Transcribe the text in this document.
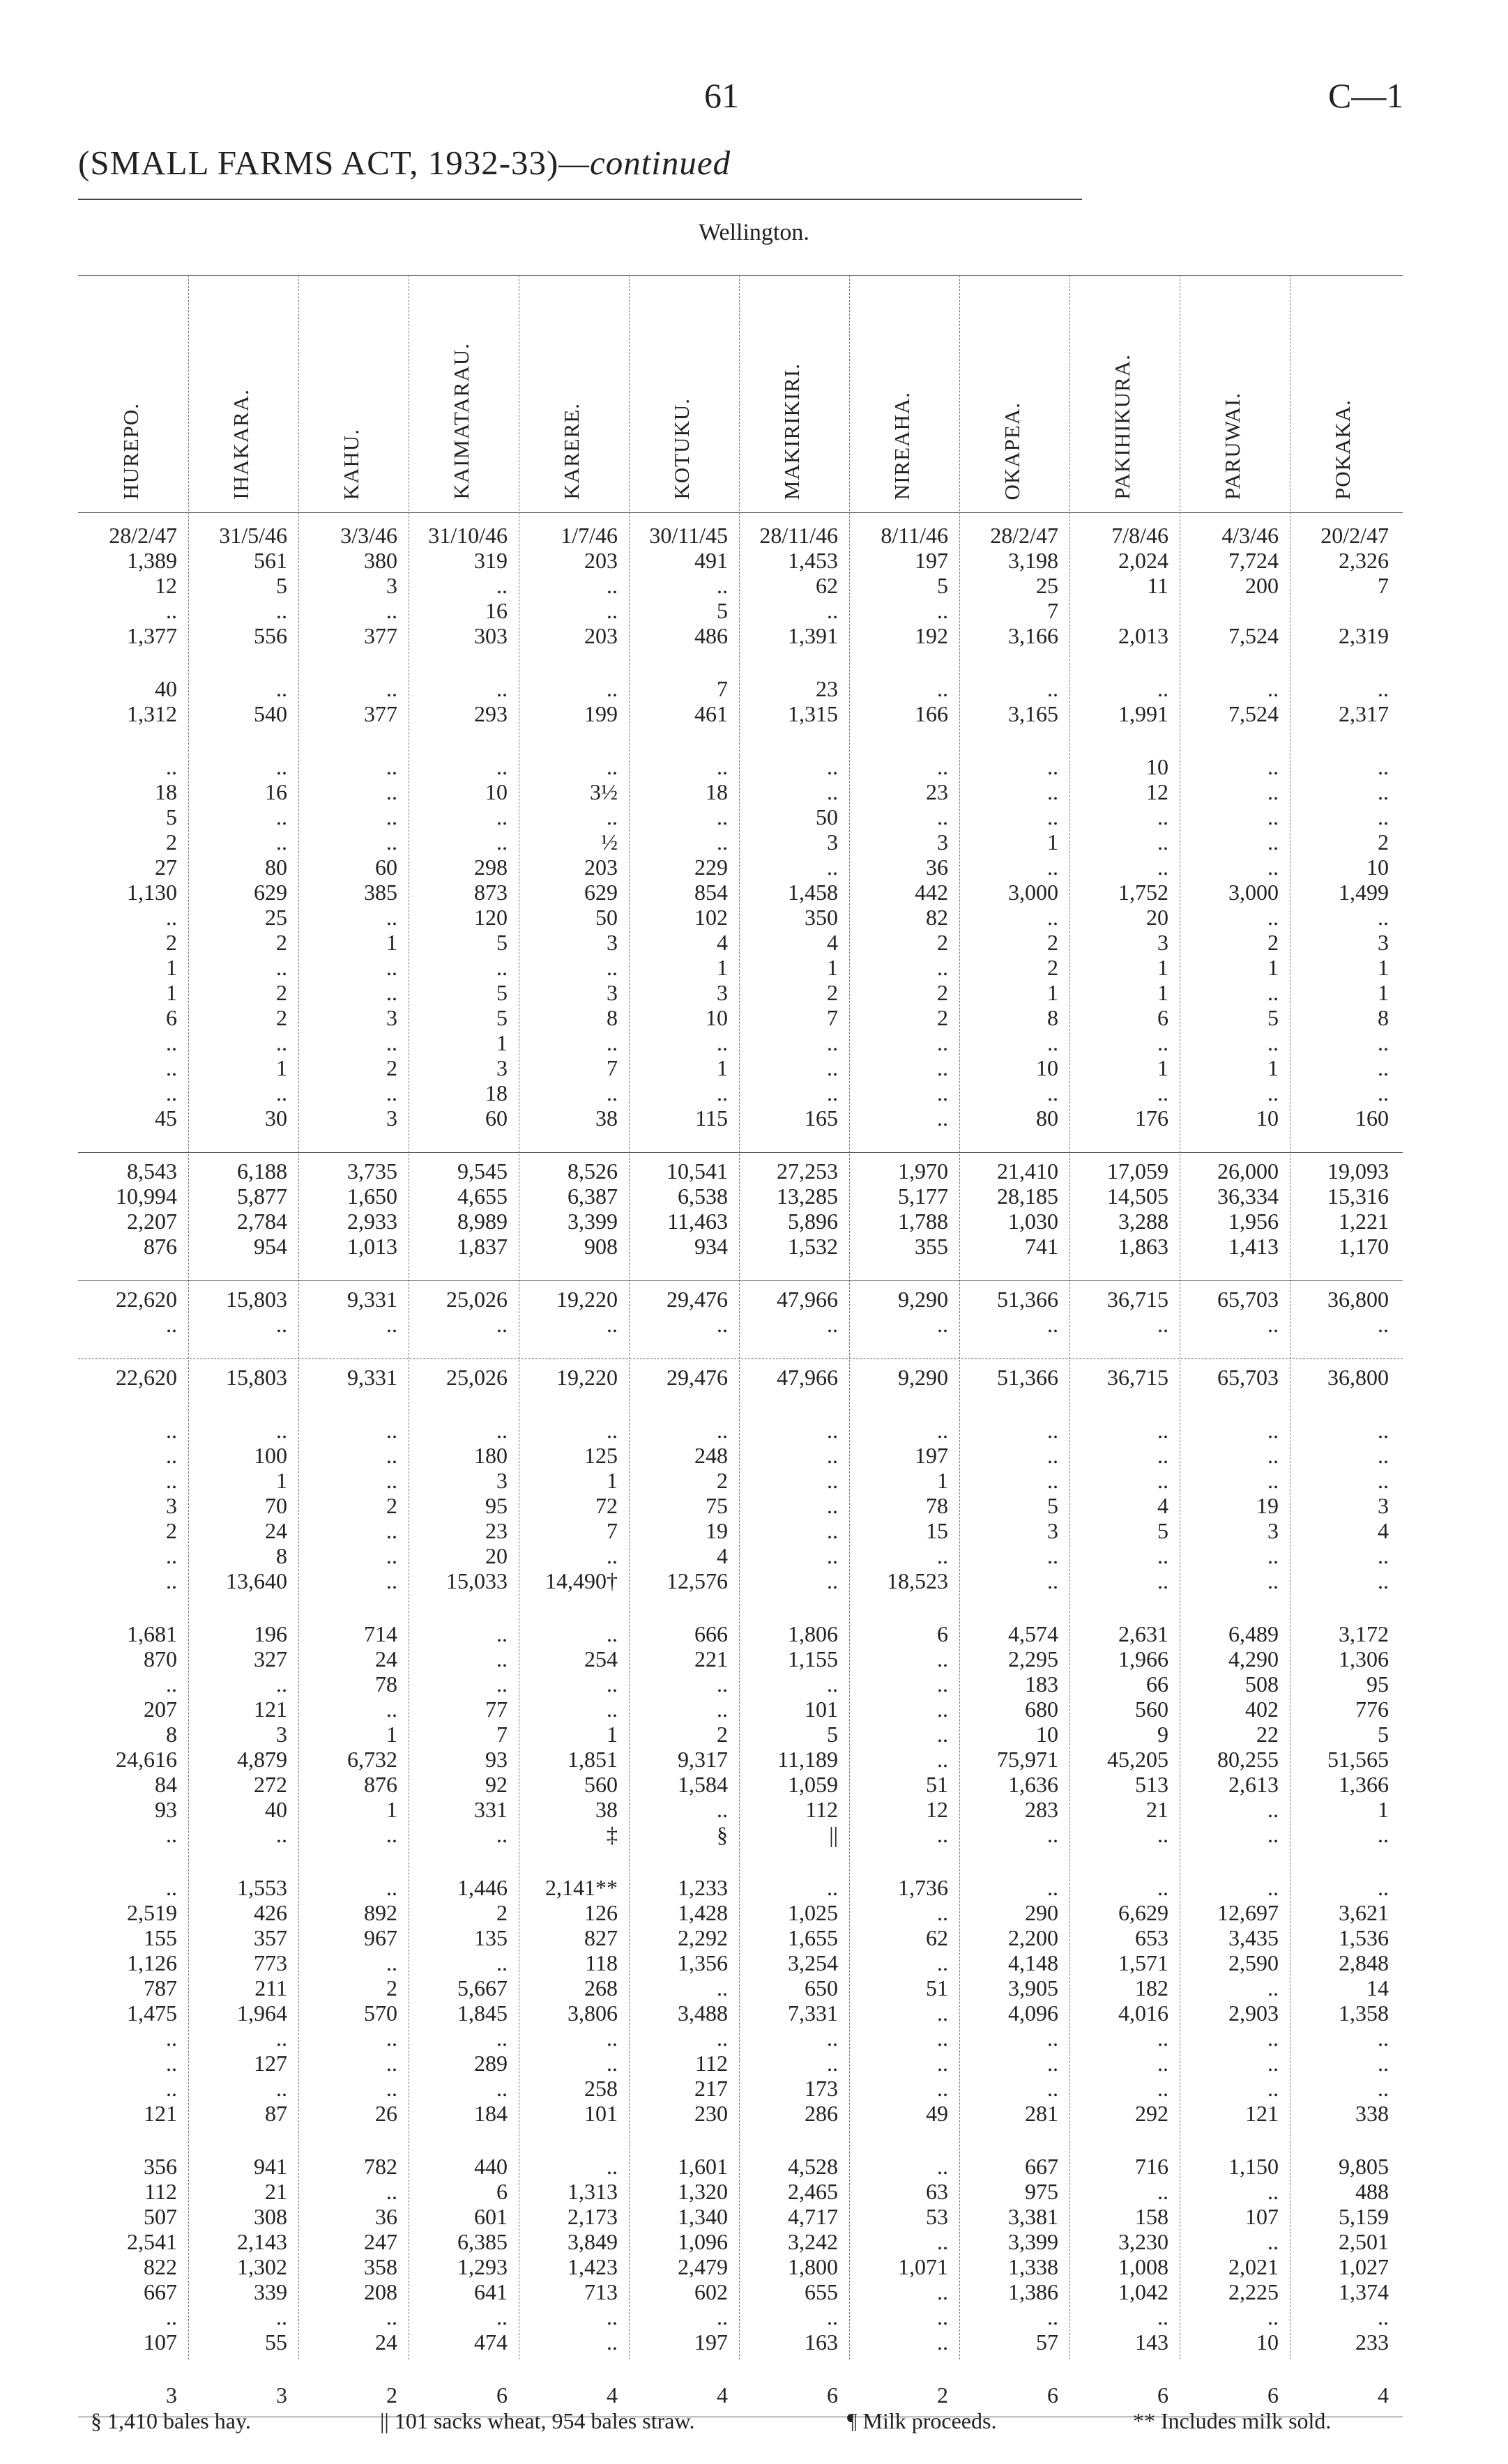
61	C—1
(SMALL FARMS ACT, 1932-33)—continued
Wellington.
HUREPO.	IHAKARA.	KAHU.	KAIMATARAU.	KARERE.	KOTUKU.	MAKIRIKIRI.	NIREAHA.	OKAPEA.	PAKIHIKURA.	PARUWAI.	POKAKA.
28/2/47	31/5/46	3/3/46	31/10/46	1/7/46	30/11/45	28/11/46	8/11/46	28/2/47	7/8/46	4/3/46	20/2/47
1,389	561	380	319	203	491	1,453	197	3,198	2,024	7,724	2,326
12	5	3	..	..	..	62	5	25	11	200	7
..	..	..	16	..	5	..	..	7
1,377	556	377	303	203	486	1,391	192	3,166	2,013	7,524	2,319
40	..	..	..	..	7	23	..	..	..	..	..
1,312	540	377	293	199	461	1,315	166	3,165	1,991	7,524	2,317
..	..	..	..	..	..	..	..	..	10	..	..
18	16	..	10	3½	18	..	23	..	12	..	..
5	..	..	..	..	..	50	..	..	..	..	..
2	..	..	..	½	..	3	3	1	..	..	2
27	80	60	298	203	229	..	36	..	..	..	10
1,130	629	385	873	629	854	1,458	442	3,000	1,752	3,000	1,499
..	25	..	120	50	102	350	82	..	20	..	..
2	2	1	5	3	4	4	2	2	3	2	3
1	..	..	..	..	1	1	..	2	1	1	1
1	2	..	5	3	3	2	2	1	1	..	1
6	2	3	5	8	10	7	2	8	6	5	8
..	..	..	1	..	..	..	..	..	..	..	..
..	1	2	3	7	1	..	..	10	1	1	..
..	..	..	18	..	..	..	..	..	..	..	..
45	30	3	60	38	115	165	..	80	176	10	160
8,543	6,188	3,735	9,545	8,526	10,541	27,253	1,970	21,410	17,059	26,000	19,093
10,994	5,877	1,650	4,655	6,387	6,538	13,285	5,177	28,185	14,505	36,334	15,316
2,207	2,784	2,933	8,989	3,399	11,463	5,896	1,788	1,030	3,288	1,956	1,221
876	954	1,013	1,837	908	934	1,532	355	741	1,863	1,413	1,170
22,620	15,803	9,331	25,026	19,220	29,476	47,966	9,290	51,366	36,715	65,703	36,800
..	..	..	..	..	..	..	..	..	..	..	..
22,620	15,803	9,331	25,026	19,220	29,476	47,966	9,290	51,366	36,715	65,703	36,800
..	..	..	..	..	..	..	..	..	..	..	..
..	100	..	180	125	248	..	197	..	..	..	..
..	1	..	3	1	2	..	1	..	..	..	..
3	70	2	95	72	75	..	78	5	4	19	3
2	24	..	23	7	19	..	15	3	5	3	4
..	8	..	20	..	4	..	..	..	..	..	..
..	13,640	..	15,033	14,490†	12,576	..	18,523	..	..	..	..
1,681	196	714	..	..	666	1,806	6	4,574	2,631	6,489	3,172
870	327	24	..	254	221	1,155	..	2,295	1,966	4,290	1,306
..	..	78	..	..	..	..	..	183	66	508	95
207	121	..	77	..	..	101	..	680	560	402	776
8	3	1	7	1	2	5	..	10	9	22	5
24,616	4,879	6,732	93	1,851	9,317	11,189	..	75,971	45,205	80,255	51,565
84	272	876	92	560	1,584	1,059	51	1,636	513	2,613	1,366
93	40	1	331	38	..	112	12	283	21	..	1
..	..	..	..	‡	§	||	..	..	..	..	..
..	1,553	..	1,446	2,141**	1,233	..	1,736	..	..	..	..
2,519	426	892	2	126	1,428	1,025	..	290	6,629	12,697	3,621
155	357	967	135	827	2,292	1,655	62	2,200	653	3,435	1,536
1,126	773	..	..	118	1,356	3,254	..	4,148	1,571	2,590	2,848
787	211	2	5,667	268	..	650	51	3,905	182	..	14
1,475	1,964	570	1,845	3,806	3,488	7,331	..	4,096	4,016	2,903	1,358
..	..	..	..	..	..	..	..	..	..	..	..
..	127	..	289	..	112	..	..	..	..	..	..
..	..	..	..	258	217	173	..	..	..	..	..
121	87	26	184	101	230	286	49	281	292	121	338
356	941	782	440	..	1,601	4,528	..	667	716	1,150	9,805
112	21	..	6	1,313	1,320	2,465	63	975	..	..	488
507	308	36	601	2,173	1,340	4,717	53	3,381	158	107	5,159
2,541	2,143	247	6,385	3,849	1,096	3,242	..	3,399	3,230	..	2,501
822	1,302	358	1,293	1,423	2,479	1,800	1,071	1,338	1,008	2,021	1,027
667	339	208	641	713	602	655	..	1,386	1,042	2,225	1,374
..	..	..	..	..	..	..	..	..	..	..	..
107	55	24	474	..	197	163	..	57	143	10	233
3	3	2	6	4	4	6	2	6	6	6	4
§ 1,410 bales hay.	|| 101 sacks wheat, 954 bales straw.	¶ Milk proceeds.	** Includes milk sold.
